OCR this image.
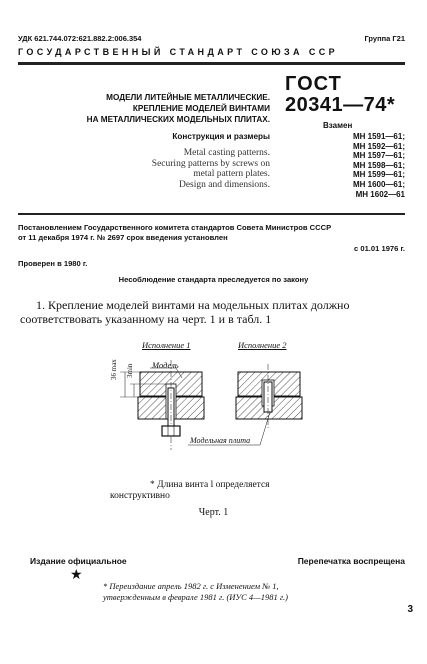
УДК 621.744.072:621.882.2:006.354	Группа Г21
ГОСУДАРСТВЕННЫЙ СТАНДАРТ СОЮЗА ССР
МОДЕЛИ ЛИТЕЙНЫЕ МЕТАЛЛИЧЕСКИЕ.
КРЕПЛЕНИЕ МОДЕЛЕЙ ВИНТАМИ
НА МЕТАЛЛИЧЕСКИХ МОДЕЛЬНЫХ ПЛИТАХ.
Конструкция и размеры
Metal casting patterns.
Securing patterns by screws on
metal pattern plates.
Design and dimensions.
ГОСТ
20341—74*
Взамен
МН 1591—61;
МН 1592—61;
МН 1597—61;
МН 1598—61;
МН 1599—61;
МН 1600—61;
МН 1602—61
Постановлением Государственного комитета стандартов Совета Министров СССР
от 11 декабря 1974 г. № 2697 срок введения установлен
с 01.01 1976 г.
Проверен в 1980 г.
Несоблюдение стандарта преследуется по закону
1. Крепление моделей винтами на модельных плитах должно
соответствовать указанному на черт. 1 и в табл. 1
Исполнение 1	Исполнение 2
Модель
Модельная плита
36 max 3min
* Длина винта l определяется
конструктивно
Черт. 1
Издание официальное	Перепечатка воспрещена
★
* Переиздание апрель 1982 г. с Изменением № 1,
утвержденным в феврале 1981 г. (ИУС 4—1981 г.)
3
